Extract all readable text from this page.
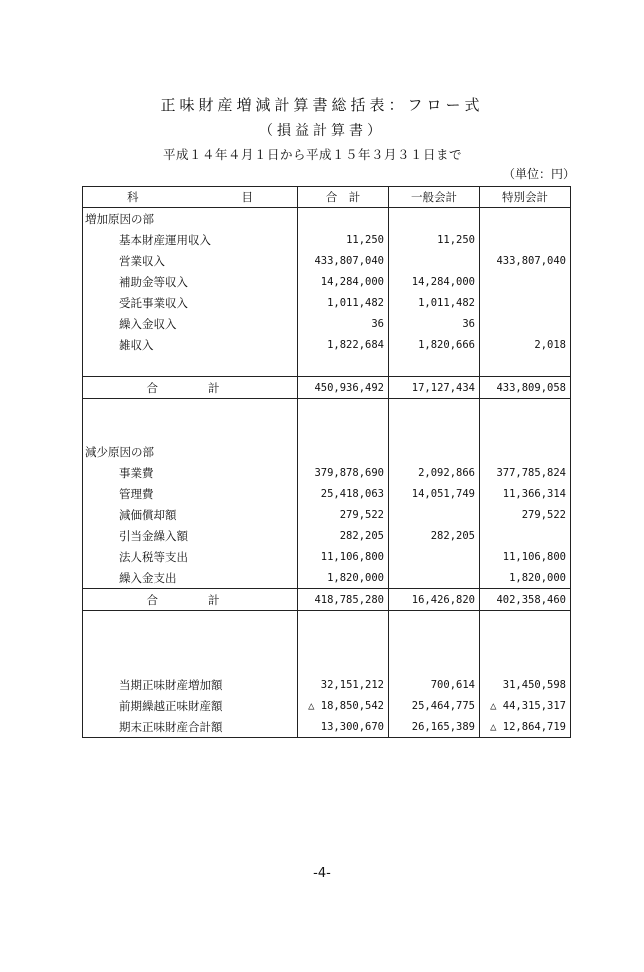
正味財産増減計算書総括表：フロー式
（損益計算書）
平成１４年４月１日から平成１５年３月３１日まで
（単位：円）
科 目	合　計	一般会計	特別会計
増加原因の部			
基本財産運用収入	11,250	11,250	
営業収入	433,807,040		433,807,040
補助金等収入	14,284,000	14,284,000	
受託事業収入	1,011,482	1,011,482	
繰入金収入	36	36	
雑収入	1,822,684	1,820,666	2,018

合計	450,936,492	17,127,434	433,809,058

減少原因の部			
事業費	379,878,690	2,092,866	377,785,824
管理費	25,418,063	14,051,749	11,366,314
減価償却額	279,522		279,522
引当金繰入額	282,205	282,205	
法人税等支出	11,106,800		11,106,800
繰入金支出	1,820,000		1,820,000
合計	418,785,280	16,426,820	402,358,460

当期正味財産増加額	32,151,212	700,614	31,450,598
前期繰越正味財産額	△ 18,850,542	25,464,775	△ 44,315,317
期末正味財産合計額	13,300,670	26,165,389	△ 12,864,719
-4-
